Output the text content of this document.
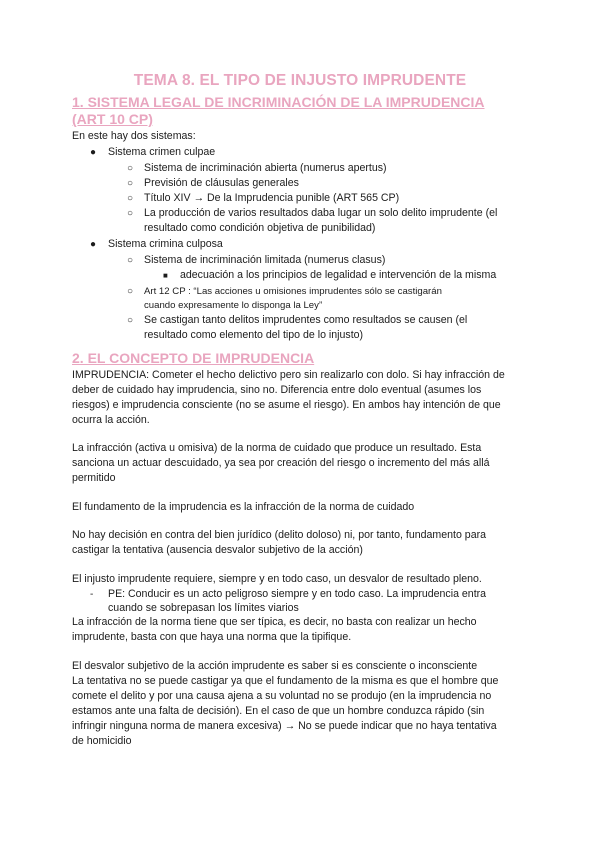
TEMA 8. EL TIPO DE INJUSTO IMPRUDENTE
1. SISTEMA LEGAL DE INCRIMINACIÓN DE LA IMPRUDENCIA
(ART 10 CP)
En este hay dos sistemas:
● Sistema crimen culpae
○ Sistema de incriminación abierta (numerus apertus)
○ Previsión de cláusulas generales
○ Título XIV → De la Imprudencia punible (ART 565 CP)
○ La producción de varios resultados daba lugar un solo delito imprudente (el
resultado como condición objetiva de punibilidad)
● Sistema crimina culposa
○ Sistema de incriminación limitada (numerus clasus)
■ adecuación a los principios de legalidad e intervención de la misma
○ Art 12 CP : “Las acciones u omisiones imprudentes sólo se castigarán
cuando expresamente lo disponga la Ley”
○ Se castigan tanto delitos imprudentes como resultados se causen (el
resultado como elemento del tipo de lo injusto)
2. EL CONCEPTO DE IMPRUDENCIA
IMPRUDENCIA: Cometer el hecho delictivo pero sin realizarlo con dolo. Si hay infracción de
deber de cuidado hay imprudencia, sino no. Diferencia entre dolo eventual (asumes los
riesgos) e imprudencia consciente (no se asume el riesgo). En ambos hay intención de que
ocurra la acción.
La infracción (activa u omisiva) de la norma de cuidado que produce un resultado. Esta
sanciona un actuar descuidado, ya sea por creación del riesgo o incremento del más allá
permitido
El fundamento de la imprudencia es la infracción de la norma de cuidado
No hay decisión en contra del bien jurídico (delito doloso) ni, por tanto, fundamento para
castigar la tentativa (ausencia desvalor subjetivo de la acción)
El injusto imprudente requiere, siempre y en todo caso, un desvalor de resultado pleno.
- PE: Conducir es un acto peligroso siempre y en todo caso. La imprudencia entra
cuando se sobrepasan los límites viarios
La infracción de la norma tiene que ser típica, es decir, no basta con realizar un hecho
imprudente, basta con que haya una norma que la tipifique.
El desvalor subjetivo de la acción imprudente es saber si es consciente o inconsciente
La tentativa no se puede castigar ya que el fundamento de la misma es que el hombre que
comete el delito y por una causa ajena a su voluntad no se produjo (en la imprudencia no
estamos ante una falta de decisión). En el caso de que un hombre conduzca rápido (sin
infringir ninguna norma de manera excesiva) → No se puede indicar que no haya tentativa
de homicidio
